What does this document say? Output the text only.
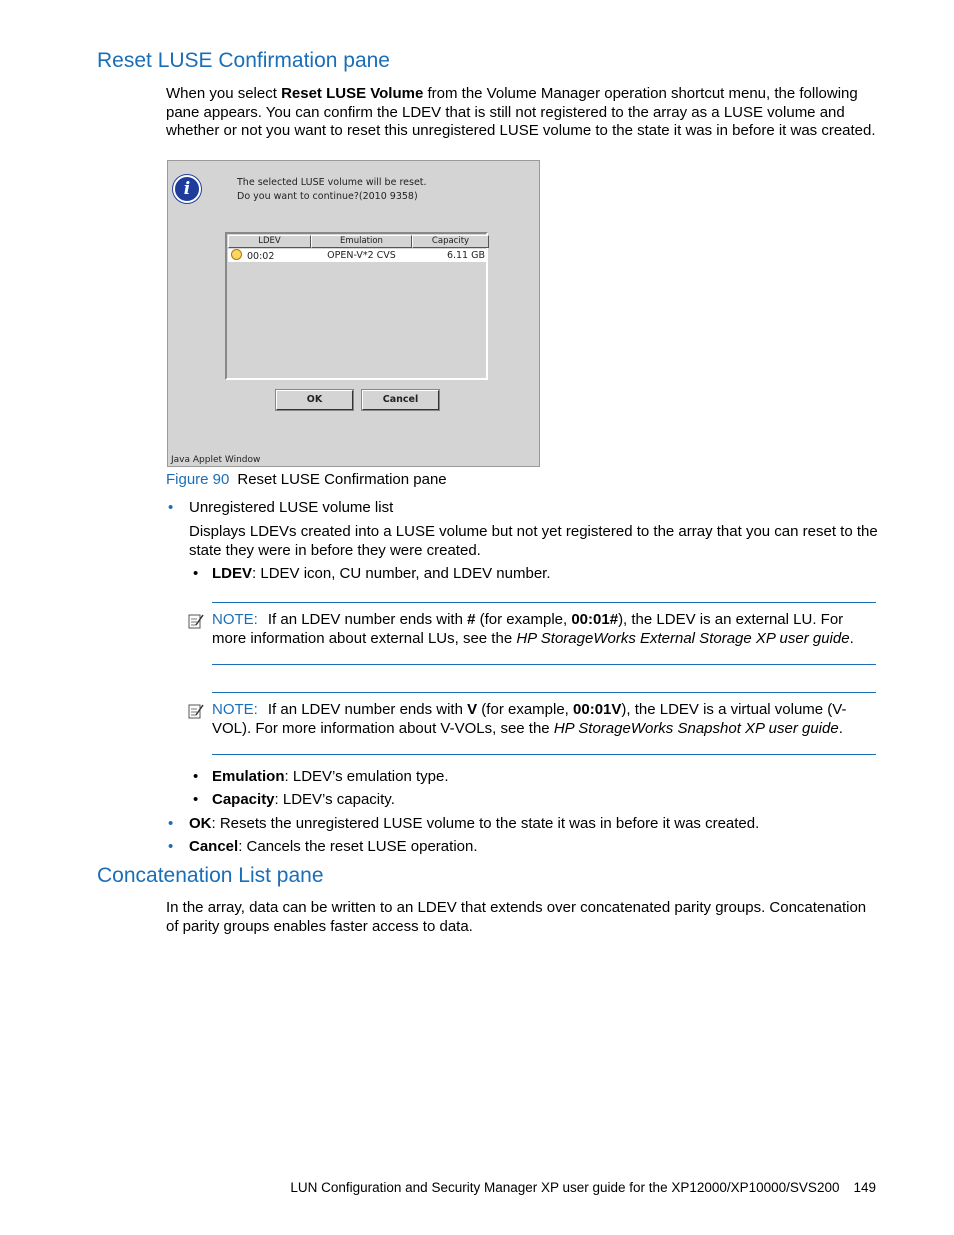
Reset LUSE Confirmation pane

When you select Reset LUSE Volume from the Volume Manager operation shortcut menu, the following pane appears. You can confirm the LDEV that is still not registered to the array as a LUSE volume and whether or not you want to reset this unregistered LUSE volume to the state it was in before it was created.

i	The selected LUSE volume will be reset.
Do you want to continue?(2010 9358)
LDEV	Emulation	Capacity
00:02	OPEN-V*2 CVS	6.11 GB
OK	Cancel
Java Applet Window
Figure 90 Reset LUSE Confirmation pane
• Unregistered LUSE volume list

Displays LDEVs created into a LUSE volume but not yet registered to the array that you can reset to the state they were in before they were created.

• LDEV: LDEV icon, CU number, and LDEV number.

NOTE: If an LDEV number ends with # (for example, 00:01#), the LDEV is an external LU. For more information about external LUs, see the HP StorageWorks External Storage XP user guide.

NOTE: If an LDEV number ends with V (for example, 00:01V), the LDEV is a virtual volume (V-VOL). For more information about V-VOLs, see the HP StorageWorks Snapshot XP user guide.

• Emulation: LDEV’s emulation type.

• Capacity: LDEV’s capacity.

• OK: Resets the unregistered LUSE volume to the state it was in before it was created.

• Cancel: Cancels the reset LUSE operation.

Concatenation List pane

In the array, data can be written to an LDEV that extends over concatenated parity groups. Concatenation of parity groups enables faster access to data.

LUN Configuration and Security Manager XP user guide for the XP12000/XP10000/SVS200 149
